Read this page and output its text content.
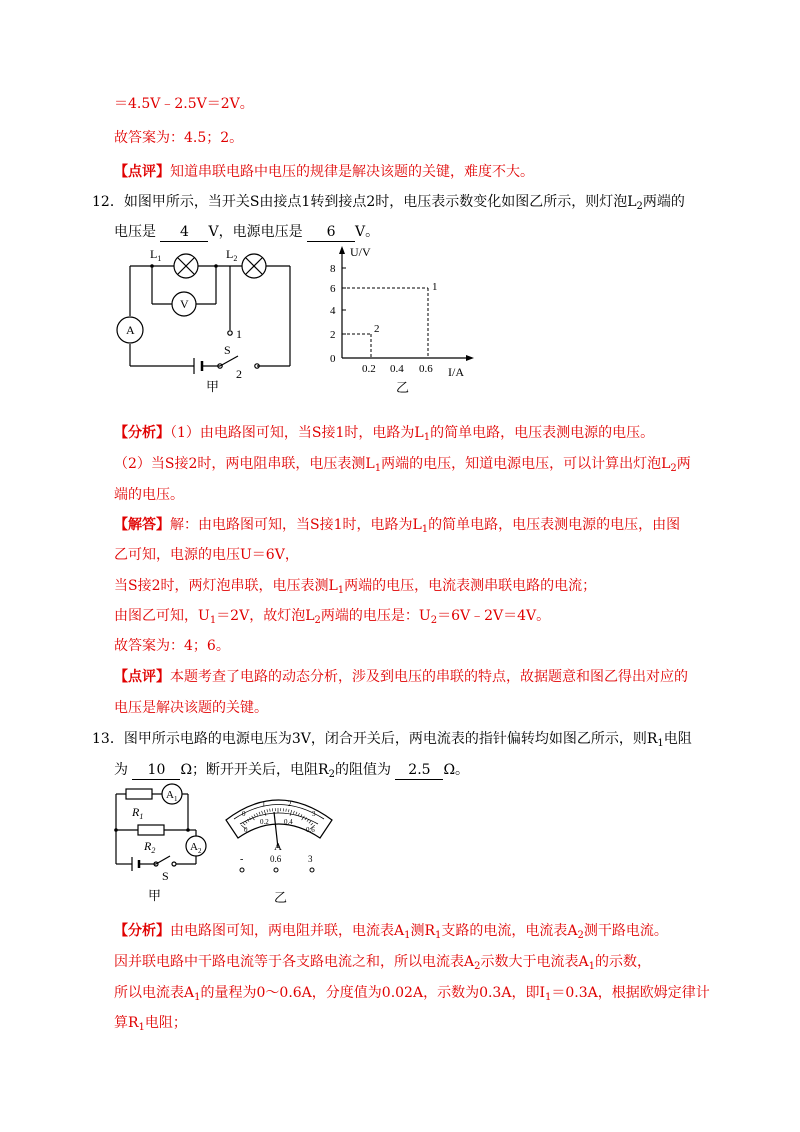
＝4.5V﹣2.5V＝2V。
故答案为：4.5；2。
【点评】知道串联电路中电压的规律是解决该题的关键，难度不大。
12．如图甲所示，当开关S由接点1转到接点2时，电压表示数变化如图乙所示，则灯泡$L_2$两端的
电压是 4 V，电源电压是 6 V。
$L_1$	$L_2$
V
A	1
S
2
甲
U/V
I/A
0
2
4
6
8
0.2 0.4 0.6
1
2
乙
【分析】（1）由电路图可知，当S接1时，电路为$L_1$的简单电路，电压表测电源的电压。
（2）当S接2时，两电阻串联，电压表测$L_1$两端的电压，知道电源电压，可以计算出灯泡$L_2$两
端的电压。
【解答】解：由电路图可知，当S接1时，电路为$L_1$的简单电路，电压表测电源的电压，由图
乙可知，电源的电压U＝6V，
当S接2时，两灯泡串联，电压表测$L_1$两端的电压，电流表测串联电路的电流；
由图乙可知，$U_1=2V$，故灯泡$L_2$两端的电压是：$U_2=6V﹣2V=4V$。
故答案为：4；6。
【点评】本题考查了电路的动态分析，涉及到电压的串联的特点，故据题意和图乙得出对应的
电压是解决该题的关键。
13．图甲所示电路的电源电压为3V，闭合开关后，两电流表的指针偏转均如图乙所示，则$R_1$电阻
为 10 Ω；断开开关后，电阻$R_2$的阻值为 2.5 Ω。
$A_1$
$A_2$
$R_1$
$R_2$
S
甲
0
1	2
3
0
0.2 0.4
0.6
A
-	0.6	3
乙
【分析】由电路图可知，两电阻并联，电流表$A_1$测$R_1$支路的电流，电流表$A_2$测干路电流。
因并联电路中干路电流等于各支路电流之和，所以电流表$A_2$示数大于电流表$A_1$的示数，
所以电流表$A_1$的量程为0～0.6A，分度值为0.02A，示数为0.3A，即$I_1=0.3A$，根据欧姆定律计
算$R_1$电阻；
